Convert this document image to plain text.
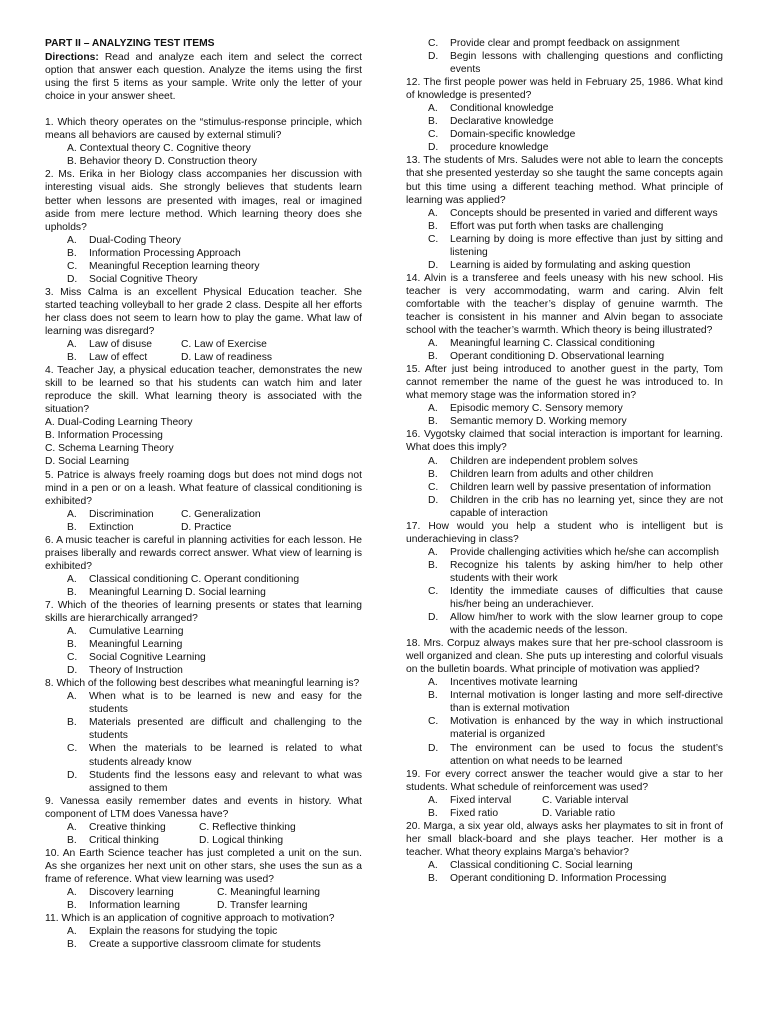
PART II – ANALYZING TEST ITEMS
Directions: Read and analyze each item and select the correct option that answer each question. Analyze the items using the first using the first 5 items as your sample. Write only the letter of your choice in your answer sheet.
1. Which theory operates on the “stimulus-response principle, which means all behaviors are caused by external stimuli?
A. Contextual theory C. Cognitive theory
B. Behavior theory D. Construction theory
2. Ms. Erika in her Biology class accompanies her discussion with interesting visual aids. She strongly believes that students learn better when lessons are presented with images, real or imagined aside from mere lecture method. Which learning theory does she upholds?
A.	Dual-Coding Theory
B.	Information Processing Approach
C.	Meaningful Reception learning theory
D.	Social Cognitive Theory
3. Miss Calma is an excellent Physical Education teacher. She started teaching volleyball to her grade 2 class. Despite all her efforts her class does not seem to learn how to play the game. What law of learning was disregard?
A.	Law of disuse	C. Law of Exercise
B.	Law of effect	D. Law of readiness
4. Teacher Jay, a physical education teacher, demonstrates the new skill to be learned so that his students can watch him and later reproduce the skill. What learning theory is associated with the situation?
A. Dual-Coding Learning Theory
B. Information Processing
C. Schema Learning Theory
D. Social Learning
5. Patrice is always freely roaming dogs but does not mind dogs not mind in a pen or on a leash. What feature of classical conditioning is exhibited?
A.	Discrimination	C. Generalization
B.	Extinction	D. Practice
6. A music teacher is careful in planning activities for each lesson. He praises liberally and rewards correct answer. What view of learning is exhibited?
A.	Classical conditioning C. Operant conditioning
B.	Meaningful Learning D. Social learning
7. Which of the theories of learning presents or states that learning skills are hierarchically arranged?
A.	Cumulative Learning
B.	Meaningful Learning
C.	Social Cognitive Learning
D.	Theory of Instruction
8. Which of the following best describes what meaningful learning is?
A.	When what is to be learned is new and easy for the students
B.	Materials presented are difficult and challenging to the students
C.	When the materials to be learned is related to what students already know
D.	Students find the lessons easy and relevant to what was assigned to them
9. Vanessa easily remember dates and events in history. What component of LTM does Vanessa have?
A.	Creative thinking	C. Reflective thinking
B.	Critical thinking	D. Logical thinking
10. An Earth Science teacher has just completed a unit on the sun. As she organizes her next unit on other stars, she uses the sun as a frame of reference. What view learning was used?
A.	Discovery learning	C. Meaningful learning
B.	Information learning	D. Transfer learning
11. Which is an application of cognitive approach to motivation?
A.	Explain the reasons for studying the topic
B.	Create a supportive classroom climate for students
C.	Provide clear and prompt feedback on assignment
D.	Begin lessons with challenging questions and conflicting events
12. The first people power was held in February 25, 1986. What kind of knowledge is presented?
A.	Conditional knowledge
B.	Declarative knowledge
C.	Domain-specific knowledge
D.	procedure knowledge
13. The students of Mrs. Saludes were not able to learn the concepts that she presented yesterday so she taught the same concepts again but this time using a different teaching method. What principle of learning was applied?
A.	Concepts should be presented in varied and different ways
B.	Effort was put forth when tasks are challenging
C.	Learning by doing is more effective than just by sitting and listening
D.	Learning is aided by formulating and asking question
14. Alvin is a transferee and feels uneasy with his new school. His teacher is very accommodating, warm and caring. Alvin felt comfortable with the teacher’s display of genuine warmth. The teacher is consistent in his manner and Alvin began to associate school with the teacher’s warmth. Which theory is being illustrated?
A.	Meaningful learning C. Classical conditioning
B.	Operant conditioning D. Observational learning
15. After just being introduced to another guest in the party, Tom cannot remember the name of the guest he was introduced to. In what memory stage was the information stored in?
A.	Episodic memory C. Sensory memory
B.	Semantic memory D. Working memory
16. Vygotsky claimed that social interaction is important for learning. What does this imply?
A.	Children are independent problem solves
B.	Children learn from adults and other children
C.	Children learn well by passive presentation of information
D.	Children in the crib has no learning yet, since they are not capable of interaction
17. How would you help a student who is intelligent but is underachieving in class?
A.	Provide challenging activities which he/she can accomplish
B.	Recognize his talents by asking him/her to help other students with their work
C.	Identity the immediate causes of difficulties that cause his/her being an underachiever.
D.	Allow him/her to work with the slow learner group to cope with the academic needs of the lesson.
18. Mrs. Corpuz always makes sure that her pre-school classroom is well organized and clean. She puts up interesting and colorful visuals on the bulletin boards. What principle of motivation was applied?
A.	Incentives motivate learning
B.	Internal motivation is longer lasting and more self-directive than is external motivation
C.	Motivation is enhanced by the way in which instructional material is organized
D.	The environment can be used to focus the student’s attention on what needs to be learned
19. For every correct answer the teacher would give a star to her students. What schedule of reinforcement was used?
A.	Fixed interval	C. Variable interval
B.	Fixed ratio	D. Variable ratio
20. Marga, a six year old, always asks her playmates to sit in front of her small black-board and she plays teacher. Her mother is a teacher. What theory explains Marga’s behavior?
A.	Classical conditioning C. Social learning
B.	Operant conditioning D. Information Processing
